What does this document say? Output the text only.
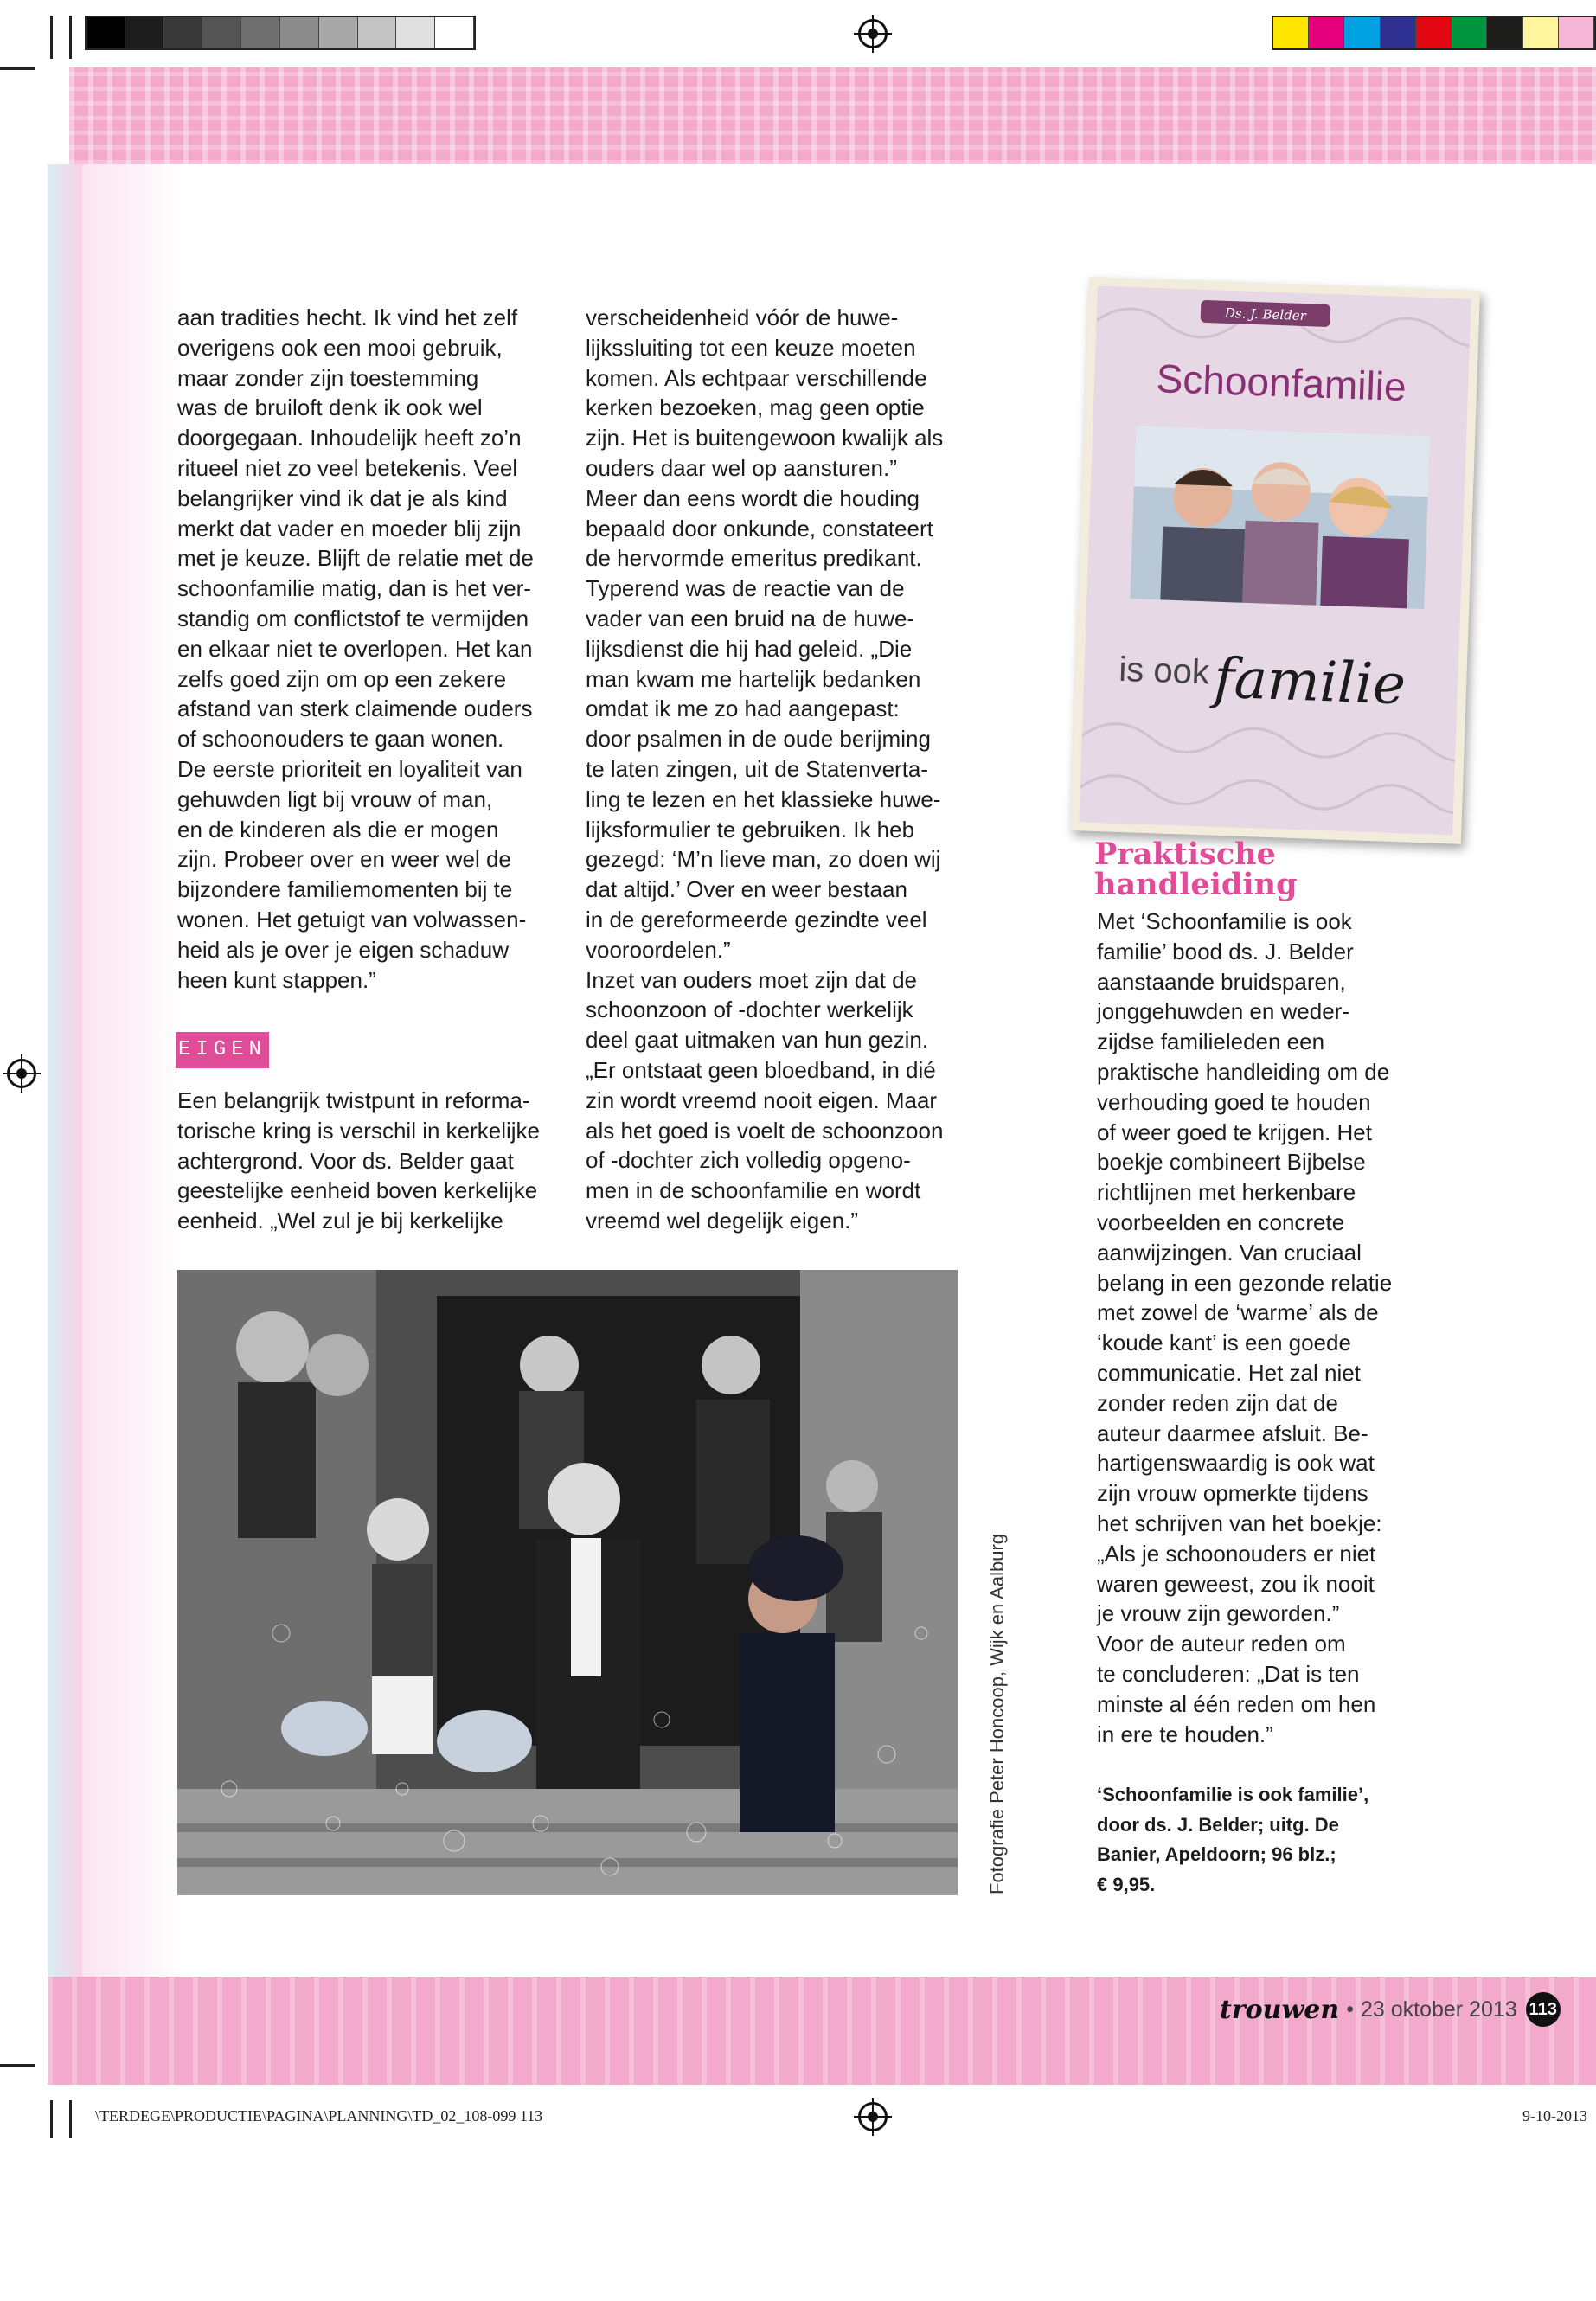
aan tradities hecht. Ik vind het zelf
overigens ook een mooi gebruik,
maar zonder zijn toestemming
was de bruiloft denk ik ook wel
doorgegaan. Inhoudelijk heeft zo’n
ritueel niet zo veel betekenis. Veel
belangrijker vind ik dat je als kind
merkt dat vader en moeder blij zijn
met je keuze. Blijft de relatie met de
schoonfamilie matig, dan is het ver-
standig om conflictstof te vermijden
en elkaar niet te overlopen. Het kan
zelfs goed zijn om op een zekere
afstand van sterk claimende ouders
of schoonouders te gaan wonen.
De eerste prioriteit en loyaliteit van
gehuwden ligt bij vrouw of man,
en de kinderen als die er mogen
zijn. Probeer over en weer wel de
bijzondere familiemomenten bij te
wonen. Het getuigt van volwassen-
heid als je over je eigen schaduw
heen kunt stappen.”
EIGEN
Een belangrijk twistpunt in reforma-
torische kring is verschil in kerkelijke
achtergrond. Voor ds. Belder gaat
geestelijke eenheid boven kerkelijke
eenheid. „Wel zul je bij kerkelijke
verscheidenheid vóór de huwe-
lijkssluiting tot een keuze moeten
komen. Als echtpaar verschillende
kerken bezoeken, mag geen optie
zijn. Het is buitengewoon kwalijk als
ouders daar wel op aansturen.”
Meer dan eens wordt die houding
bepaald door onkunde, constateert
de hervormde emeritus predikant.
Typerend was de reactie van de
vader van een bruid na de huwe-
lijksdienst die hij had geleid. „Die
man kwam me hartelijk bedanken
omdat ik me zo had aangepast:
door psalmen in de oude berijming
te laten zingen, uit de Statenverta-
ling te lezen en het klassieke huwe-
lijksformulier te gebruiken. Ik heb
gezegd: ‘M’n lieve man, zo doen wij
dat altijd.’ Over en weer bestaan
in de gereformeerde gezindte veel
vooroordelen.”
Inzet van ouders moet zijn dat de
schoonzoon of -dochter werkelijk
deel gaat uitmaken van hun gezin.
„Er ontstaat geen bloedband, in dié
zin wordt vreemd nooit eigen. Maar
als het goed is voelt de schoonzoon
of -dochter zich volledig opgeno-
men in de schoonfamilie en wordt
vreemd wel degelijk eigen.”
Fotografie Peter Honcoop, Wijk en Aalburg
Ds. J. Belder
Schoonfamilie
is ook familie
Praktische
handleiding
Met ‘Schoonfamilie is ook
familie’ bood ds. J. Belder
aanstaande bruidsparen,
jonggehuwden en weder-
zijdse familieleden een
praktische handleiding om de
verhouding goed te houden
of weer goed te krijgen. Het
boekje combineert Bijbelse
richtlijnen met herkenbare
voorbeelden en concrete
aanwijzingen. Van cruciaal
belang in een gezonde relatie
met zowel de ‘warme’ als de
‘koude kant’ is een goede
communicatie. Het zal niet
zonder reden zijn dat de
auteur daarmee afsluit. Be-
hartigenswaardig is ook wat
zijn vrouw opmerkte tijdens
het schrijven van het boekje:
„Als je schoonouders er niet
waren geweest, zou ik nooit
je vrouw zijn geworden.”
Voor de auteur reden om
te concluderen: „Dat is ten
minste al één reden om hen
in ere te houden.”
‘Schoonfamilie is ook familie’,
door ds. J. Belder; uitg. De
Banier, Apeldoorn; 96 blz.;
€ 9,95.
trouwen • 23 oktober 2013 113
\TERDEGE\PRODUCTIE\PAGINA\PLANNING\TD_02_108-099 113	9-10-2013
